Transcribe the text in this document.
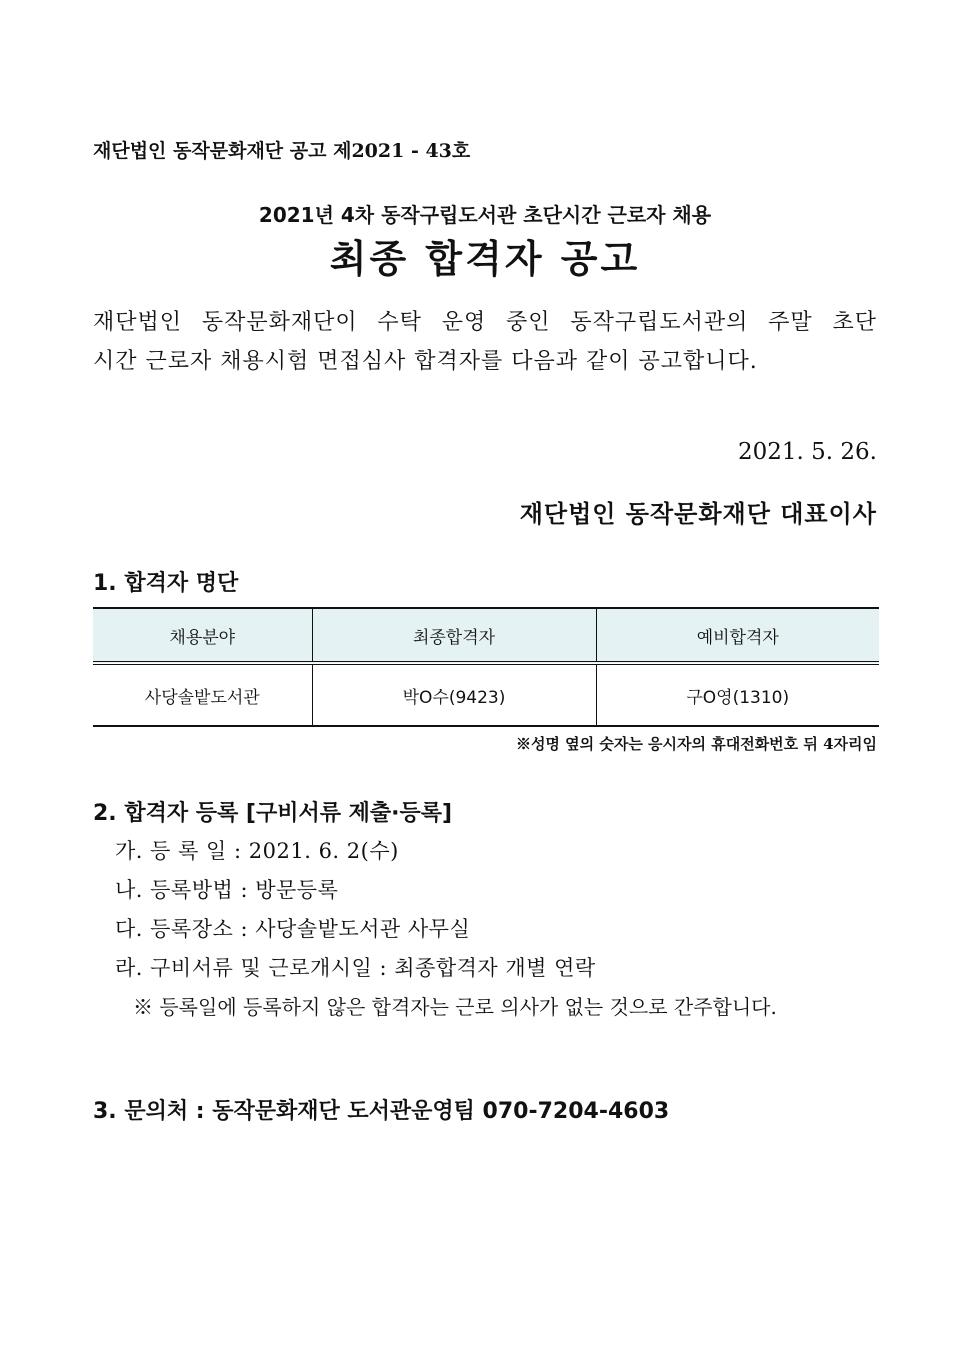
재단법인 동작문화재단 공고 제2021 - 43호
2021년 4차 동작구립도서관 초단시간 근로자 채용
최종 합격자 공고
재단법인 동작문화재단이 수탁 운영 중인 동작구립도서관의 주말 초단
시간 근로자 채용시험 면접심사 합격자를 다음과 같이 공고합니다.
2021. 5. 26.
재단법인 동작문화재단 대표이사
1. 합격자 명단
채용분야	최종합격자	예비합격자
사당솔밭도서관	박O수(9423)	구O영(1310)
※성명 옆의 숫자는 응시자의 휴대전화번호 뒤 4자리임
2. 합격자 등록 [구비서류 제출·등록]
가. 등 록 일 : 2021. 6. 2(수)
나. 등록방법 : 방문등록
다. 등록장소 : 사당솔밭도서관 사무실
라. 구비서류 및 근로개시일 : 최종합격자 개별 연락
※ 등록일에 등록하지 않은 합격자는 근로 의사가 없는 것으로 간주합니다.
3. 문의처 : 동작문화재단 도서관운영팀 070-7204-4603
